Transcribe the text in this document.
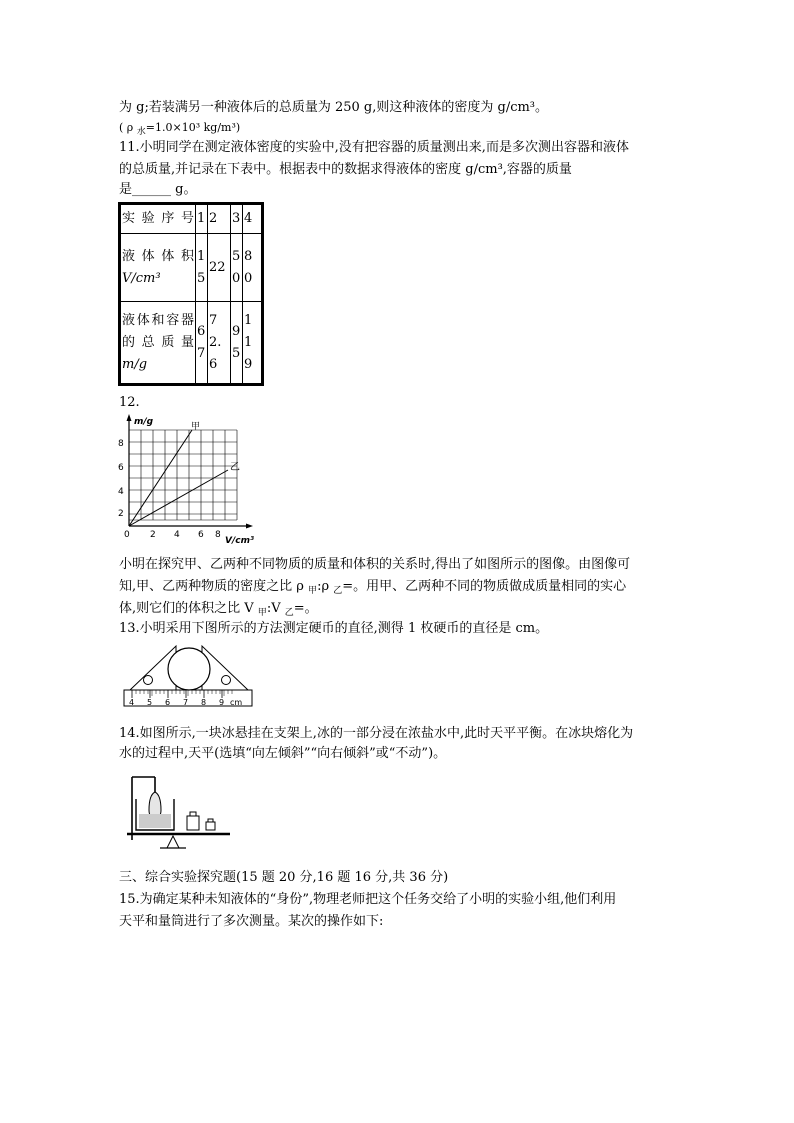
为 g;若装满另一种液体后的总质量为 250 g,则这种液体的密度为 g/cm³。
( ρ $_水$=1.0×10³ kg/m³)
11.小明同学在测定液体密度的实验中,没有把容器的质量测出来,而是多次测出容器和液体
的总质量,并记录在下表中。根据表中的数据求得液体的密度 g/cm³,容器的质量
是______ g。
实验序号	1	2	3	4

液体体积
V/cm³	15	22	50	80

液体和容器的总质量
m/g	67	72.6	95	119
12.
m/g
V/cm³
甲
乙
2
4
6
8
0 2 4 6 8
小明在探究甲、乙两种不同物质的质量和体积的关系时,得出了如图所示的图像。由图像可
知,甲、乙两种物质的密度之比 ρ $_甲$:ρ $_乙$=。用甲、乙两种不同的物质做成质量相同的实心
体,则它们的体积之比 V $_甲$:V $_乙$=。
13.小明采用下图所示的方法测定硬币的直径,测得 1 枚硬币的直径是 cm。
4 5 6 7 8 9 cm
14.如图所示,一块冰悬挂在支架上,冰的一部分浸在浓盐水中,此时天平平衡。在冰块熔化为
水的过程中,天平(选填“向左倾斜”“向右倾斜”或“不动”)。
三、综合实验探究题(15 题 20 分,16 题 16 分,共 36 分)
15.为确定某种未知液体的“身份”,物理老师把这个任务交给了小明的实验小组,他们利用
天平和量筒进行了多次测量。某次的操作如下:
